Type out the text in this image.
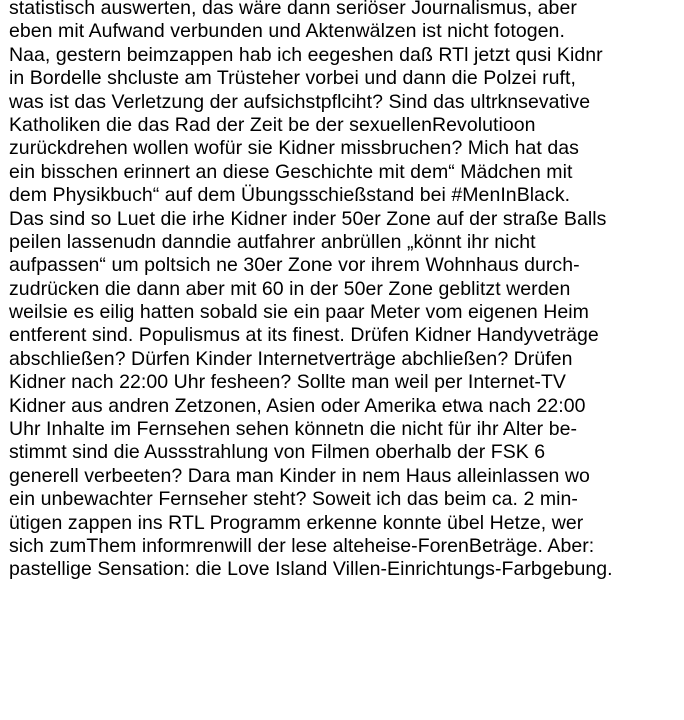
statistisch auswerten, das wäre dann seriöser Journalismus, aber
eben mit Aufwand verbunden und Aktenwälzen ist nicht fotogen.
Naa, gestern beimzappen hab ich eegeshen daß RTl jetzt qusi Kidnr
in Bordelle shcluste am Trüsteher vorbei und dann die Polzei ruft,
was ist das Verletzung der aufsichstpflciht? Sind das ultrknsevative
Katholiken die das Rad der Zeit be der sexuellenRevolutioon
zurückdrehen wollen wofür sie Kidner missbruchen? Mich hat das
ein bisschen erinnert an diese Geschichte mit dem“ Mädchen mit
dem Physikbuch“ auf dem Übungsschießstand bei #MenInBlack.
Das sind so Luet die irhe Kidner inder 50er Zone auf der straße Balls
peilen lassenudn danndie autfahrer anbrüllen „könnt ihr nicht
aufpassen“ um poltsich ne 30er Zone vor ihrem Wohnhaus durch-
zudrücken die dann aber mit 60 in der 50er Zone geblitzt werden
weilsie es eilig hatten sobald sie ein paar Meter vom eigenen Heim
entferent sind. Populismus at its finest. Drüfen Kidner Handyveträge
abschließen? Dürfen Kinder Internetverträge abchließen? Drüfen
Kidner nach 22:00 Uhr fesheen? Sollte man weil per Internet-TV
Kidner aus andren Zetzonen, Asien oder Amerika etwa nach 22:00
Uhr Inhalte im Fernsehen sehen könnetn die nicht für ihr Alter be-
stimmt sind die Aussstrahlung von Filmen oberhalb der FSK 6
generell verbeeten? Dara man Kinder in nem Haus alleinlassen wo
ein unbewachter Fernseher steht? Soweit ich das beim ca. 2 min-
ütigen zappen ins RTL Programm erkenne konnte übel Hetze, wer
sich zumThem informrenwill der lese alteheise-ForenBeträge. Aber:
pastellige Sensation: die Love Island Villen-Einrichtungs-Farbgebung.
